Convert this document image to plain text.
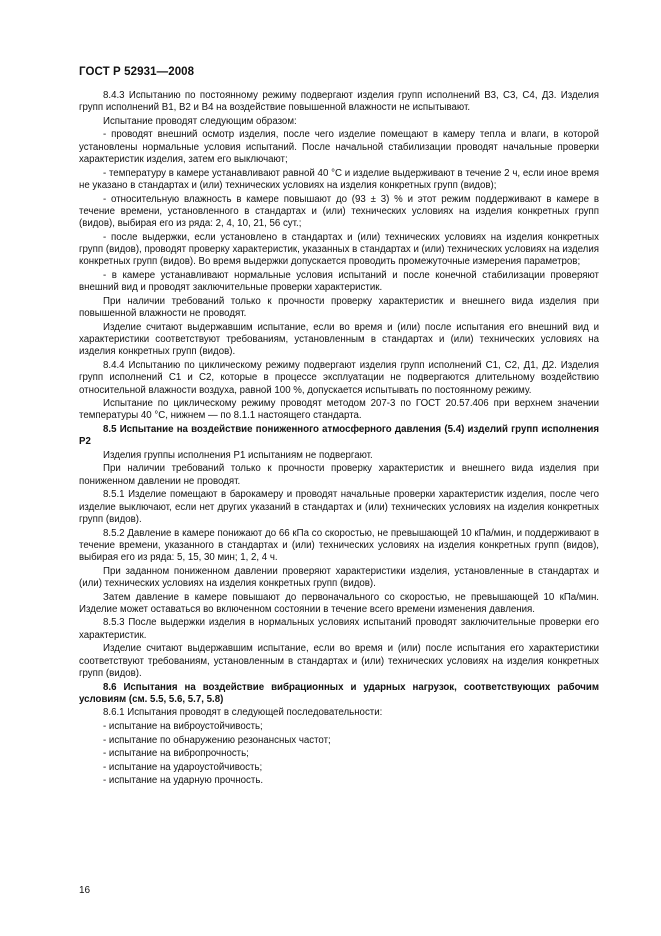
ГОСТ Р 52931—2008

8.4.3 Испытанию по постоянному режиму подвергают изделия групп исполнений В3, С3, С4, Д3. Изделия групп исполнений В1, В2 и В4 на воздействие повышенной влажности не испытывают.

Испытание проводят следующим образом:

- проводят внешний осмотр изделия, после чего изделие помещают в камеру тепла и влаги, в которой установлены нормальные условия испытаний. После начальной стабилизации проводят начальные проверки характеристик изделия, затем его выключают;

- температуру в камере устанавливают равной 40 °С и изделие выдерживают в течение 2 ч, если иное время не указано в стандартах и (или) технических условиях на изделия конкретных групп (видов);

- относительную влажность в камере повышают до (93 ± 3) % и этот режим поддерживают в камере в течение времени, установленного в стандартах и (или) технических условиях на изделия конкретных групп (видов), выбирая его из ряда: 2, 4, 10, 21, 56 сут.;

- после выдержки, если установлено в стандартах и (или) технических условиях на изделия конкретных групп (видов), проводят проверку характеристик, указанных в стандартах и (или) технических условиях на изделия конкретных групп (видов). Во время выдержки допускается проводить промежуточные измерения параметров;

- в камере устанавливают нормальные условия испытаний и после конечной стабилизации проверяют внешний вид и проводят заключительные проверки характеристик.

При наличии требований только к прочности проверку характеристик и внешнего вида изделия при повышенной влажности не проводят.

Изделие считают выдержавшим испытание, если во время и (или) после испытания его внешний вид и характеристики соответствуют требованиям, установленным в стандартах и (или) технических условиях на изделия конкретных групп (видов).

8.4.4 Испытанию по циклическому режиму подвергают изделия групп исполнений С1, С2, Д1, Д2. Изделия групп исполнений С1 и С2, которые в процессе эксплуатации не подвергаются длительному воздействию относительной влажности воздуха, равной 100 %, допускается испытывать по постоянному режиму.

Испытание по циклическому режиму проводят методом 207-3 по ГОСТ 20.57.406 при верхнем значении температуры 40 °С, нижнем — по 8.1.1 настоящего стандарта.

8.5 Испытание на воздействие пониженного атмосферного давления (5.4) изделий групп исполнения Р2

Изделия группы исполнения Р1 испытаниям не подвергают.

При наличии требований только к прочности проверку характеристик и внешнего вида изделия при пониженном давлении не проводят.

8.5.1 Изделие помещают в барокамеру и проводят начальные проверки характеристик изделия, после чего изделие выключают, если нет других указаний в стандартах и (или) технических условиях на изделия конкретных групп (видов).

8.5.2 Давление в камере понижают до 66 кПа со скоростью, не превышающей 10 кПа/мин, и поддерживают в течение времени, указанного в стандартах и (или) технических условиях на изделия конкретных групп (видов), выбирая его из ряда: 5, 15, 30 мин; 1, 2, 4 ч.

При заданном пониженном давлении проверяют характеристики изделия, установленные в стандартах и (или) технических условиях на изделия конкретных групп (видов).

Затем давление в камере повышают до первоначального со скоростью, не превышающей 10 кПа/мин. Изделие может оставаться во включенном состоянии в течение всего времени изменения давления.

8.5.3 После выдержки изделия в нормальных условиях испытаний проводят заключительные проверки его характеристик.

Изделие считают выдержавшим испытание, если во время и (или) после испытания его характеристики соответствуют требованиям, установленным в стандартах и (или) технических условиях на изделия конкретных групп (видов).

8.6 Испытания на воздействие вибрационных и ударных нагрузок, соответствующих рабочим условиям (см. 5.5, 5.6, 5.7, 5.8)

8.6.1 Испытания проводят в следующей последовательности:

- испытание на виброустойчивость;

- испытание по обнаружению резонансных частот;

- испытание на вибропрочность;

- испытание на удароустойчивость;

- испытание на ударную прочность.

16
